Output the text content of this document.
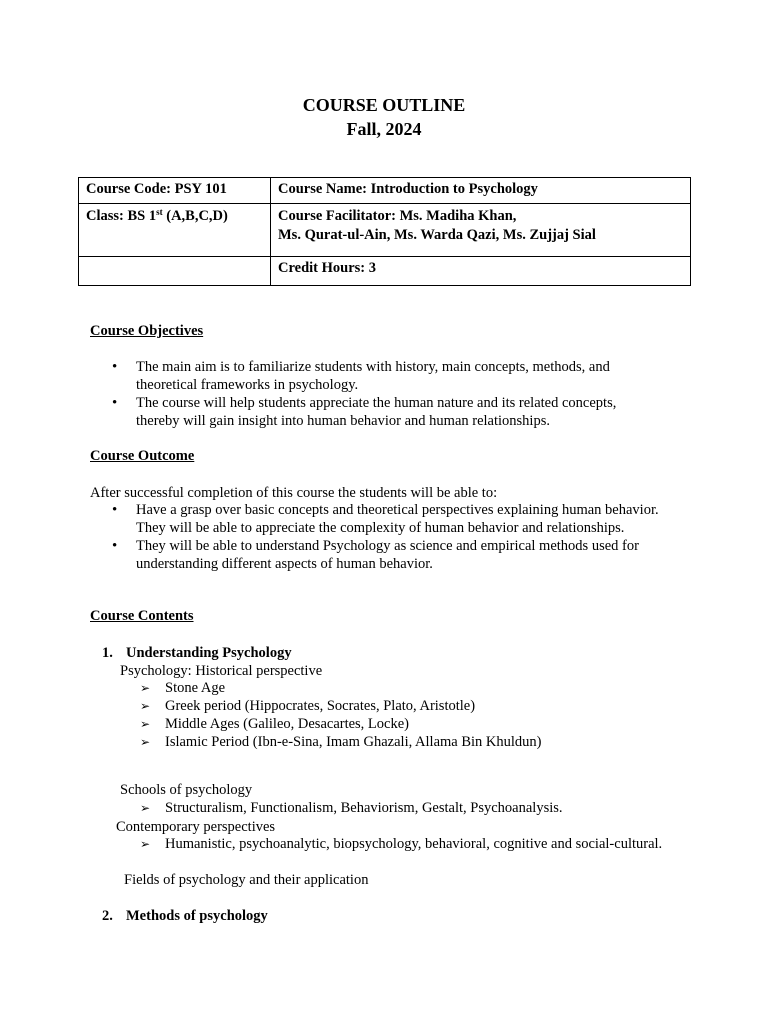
COURSE OUTLINE
Fall, 2024
Course Code: PSY 101	Course Name: Introduction to Psychology
Class: BS 1st (A,B,C,D)	Course Facilitator: Ms. Madiha Khan,
Ms. Qurat-ul-Ain, Ms. Warda Qazi, Ms. Zujjaj Sial

	Credit Hours: 3
Course Objectives
• The main aim is to familiarize students with history, main concepts, methods, and theoretical frameworks in psychology.
• The course will help students appreciate the human nature and its related concepts, thereby will gain insight into human behavior and human relationships.
Course Outcome
After successful completion of this course the students will be able to:
• Have a grasp over basic concepts and theoretical perspectives explaining human behavior. They will be able to appreciate the complexity of human behavior and relationships.
• They will be able to understand Psychology as science and empirical methods used for understanding different aspects of human behavior.
Course Contents
1. Understanding Psychology
Psychology: Historical perspective
➢ Stone Age
➢ Greek period (Hippocrates, Socrates, Plato, Aristotle)
➢ Middle Ages (Galileo, Desacartes, Locke)
➢ Islamic Period (Ibn-e-Sina, Imam Ghazali, Allama Bin Khuldun)
Schools of psychology
➢ Structuralism, Functionalism, Behaviorism, Gestalt, Psychoanalysis.
Contemporary perspectives
➢ Humanistic, psychoanalytic, biopsychology, behavioral, cognitive and social-cultural.
Fields of psychology and their application
2. Methods of psychology
